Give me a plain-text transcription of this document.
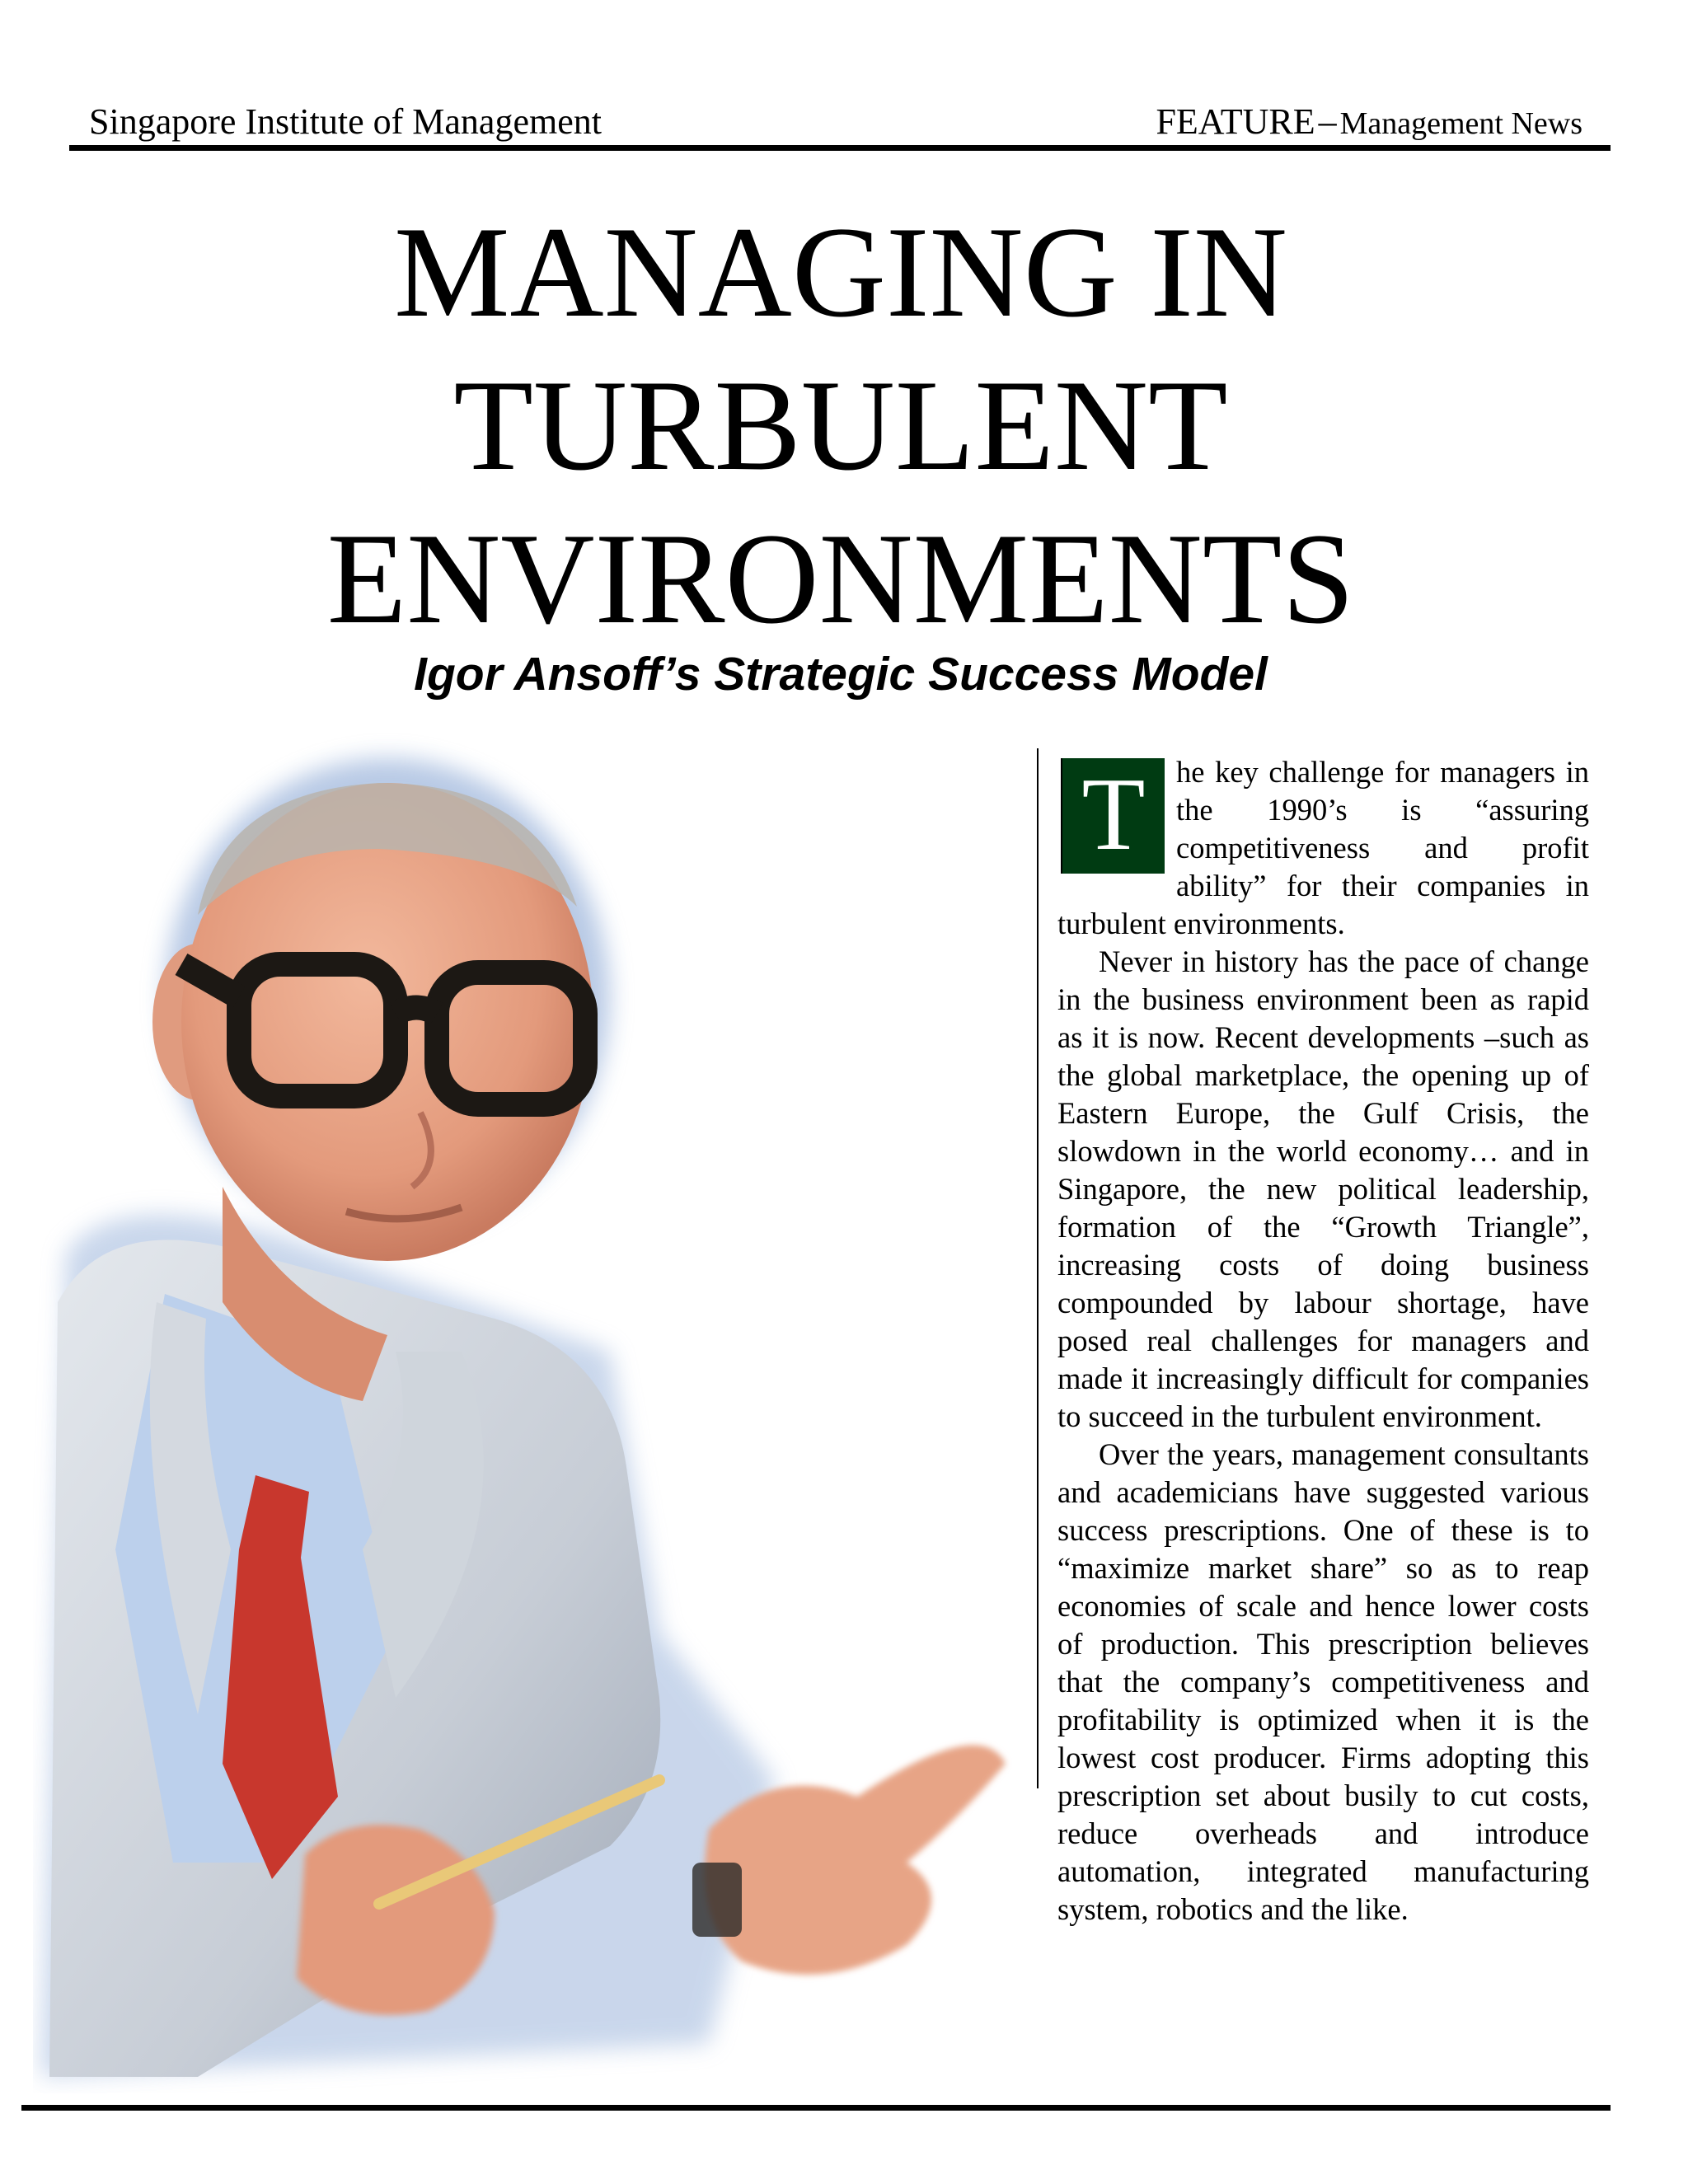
Singapore Institute of Management	FEATURE – Management News
MANAGING IN
TURBULENT
ENVIRONMENTS
Igor Ansoff’s Strategic Success Model

T	he key challenge for managers in the 1990’s is “assuring competitiveness and profit ability” for their companies in turbulent environments.

Never in history has the pace of change in the business environment been as rapid as it is now. Recent developments –such as the global marketplace, the opening up of Eastern Europe, the Gulf Crisis, the slowdown in the world economy… and in Singapore, the new political leadership, formation of the “Growth Triangle”, increasing costs of doing business compounded by labour shortage, have posed real challenges for managers and made it increasingly difficult for companies to succeed in the turbulent environment.

Over the years, management consultants and academicians have suggested various success prescriptions. One of these is to “maximize market share” so as to reap economies of scale and hence lower costs of production. This prescription believes that the company’s competitiveness and profitability is optimized when it is the lowest cost producer. Firms adopting this prescription set about busily to cut costs, reduce overheads and introduce automation, integrated manufacturing system, robotics and the like.
